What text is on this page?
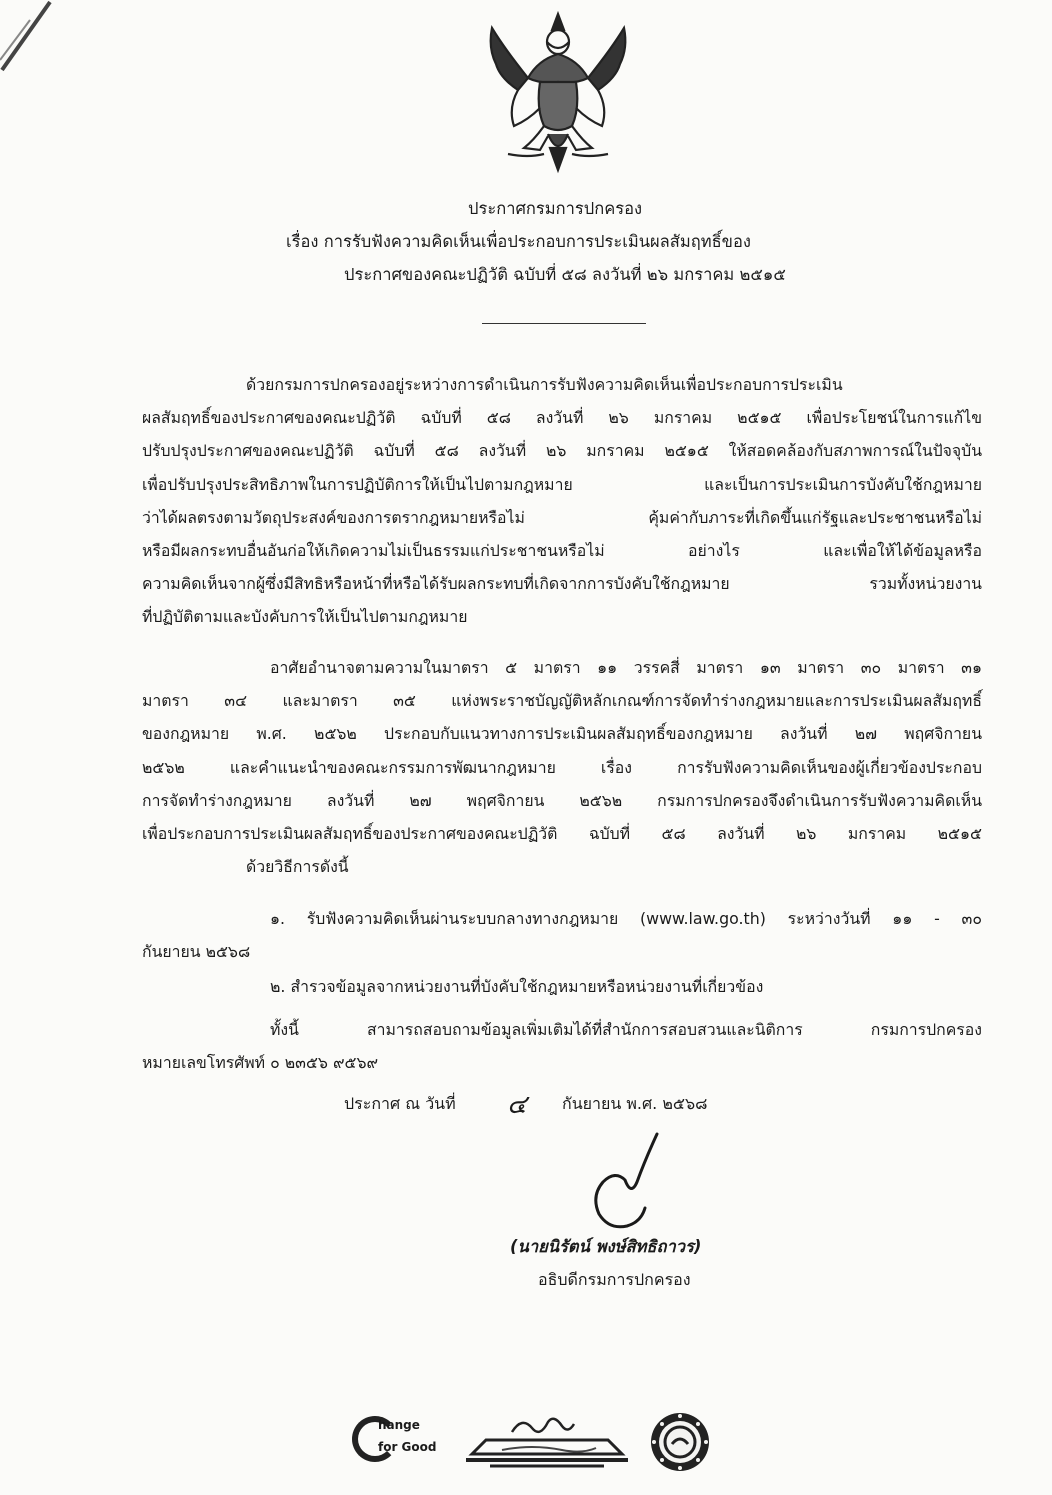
ประกาศกรมการปกครอง
เรื่อง การรับฟังความคิดเห็นเพื่อประกอบการประเมินผลสัมฤทธิ์ของ
ประกาศของคณะปฏิวัติ ฉบับที่ ๕๘ ลงวันที่ ๒๖ มกราคม ๒๕๑๕
ด้วยกรมการปกครองอยู่ระหว่างการดำเนินการรับฟังความคิดเห็นเพื่อประกอบการประเมิน
ผลสัมฤทธิ์ของประกาศของคณะปฏิวัติ ฉบับที่ ๕๘ ลงวันที่ ๒๖ มกราคม ๒๕๑๕ เพื่อประโยชน์ในการแก้ไข
ปรับปรุงประกาศของคณะปฏิวัติ ฉบับที่ ๕๘ ลงวันที่ ๒๖ มกราคม ๒๕๑๕ ให้สอดคล้องกับสภาพการณ์ในปัจจุบัน
เพื่อปรับปรุงประสิทธิภาพในการปฏิบัติการให้เป็นไปตามกฎหมาย และเป็นการประเมินการบังคับใช้กฎหมาย
ว่าได้ผลตรงตามวัตถุประสงค์ของการตรากฎหมายหรือไม่ คุ้มค่ากับภาระที่เกิดขึ้นแก่รัฐและประชาชนหรือไม่
หรือมีผลกระทบอื่นอันก่อให้เกิดความไม่เป็นธรรมแก่ประชาชนหรือไม่ อย่างไร และเพื่อให้ได้ข้อมูลหรือ
ความคิดเห็นจากผู้ซึ่งมีสิทธิหรือหน้าที่หรือได้รับผลกระทบที่เกิดจากการบังคับใช้กฎหมาย รวมทั้งหน่วยงาน
ที่ปฏิบัติตามและบังคับการให้เป็นไปตามกฎหมาย
อาศัยอำนาจตามความในมาตรา ๕ มาตรา ๑๑ วรรคสี่ มาตรา ๑๓ มาตรา ๓๐ มาตรา ๓๑
มาตรา ๓๔ และมาตรา ๓๕ แห่งพระราชบัญญัติหลักเกณฑ์การจัดทำร่างกฎหมายและการประเมินผลสัมฤทธิ์
ของกฎหมาย พ.ศ. ๒๕๖๒ ประกอบกับแนวทางการประเมินผลสัมฤทธิ์ของกฎหมาย ลงวันที่ ๒๗ พฤศจิกายน
๒๕๖๒ และคำแนะนำของคณะกรรมการพัฒนากฎหมาย เรื่อง การรับฟังความคิดเห็นของผู้เกี่ยวข้องประกอบ
การจัดทำร่างกฎหมาย ลงวันที่ ๒๗ พฤศจิกายน ๒๕๖๒ กรมการปกครองจึงดำเนินการรับฟังความคิดเห็น
เพื่อประกอบการประเมินผลสัมฤทธิ์ของประกาศของคณะปฏิวัติ ฉบับที่ ๕๘ ลงวันที่ ๒๖ มกราคม ๒๕๑๕
ด้วยวิธีการดังนี้
๑. รับฟังความคิดเห็นผ่านระบบกลางทางกฎหมาย (www.law.go.th) ระหว่างวันที่ ๑๑ - ๓๐
กันยายน ๒๕๖๘
๒. สำรวจข้อมูลจากหน่วยงานที่บังคับใช้กฎหมายหรือหน่วยงานที่เกี่ยวข้อง
ทั้งนี้ สามารถสอบถามข้อมูลเพิ่มเติมได้ที่สำนักการสอบสวนและนิติการ กรมการปกครอง
หมายเลขโทรศัพท์ ๐ ๒๓๕๖ ๙๕๖๙
ประกาศ ณ วันที่ ๔ กันยายน พ.ศ. ๒๕๖๘
(นายนิรัตน์ พงษ์สิทธิถาวร)
อธิบดีกรมการปกครอง
hange
for Good
